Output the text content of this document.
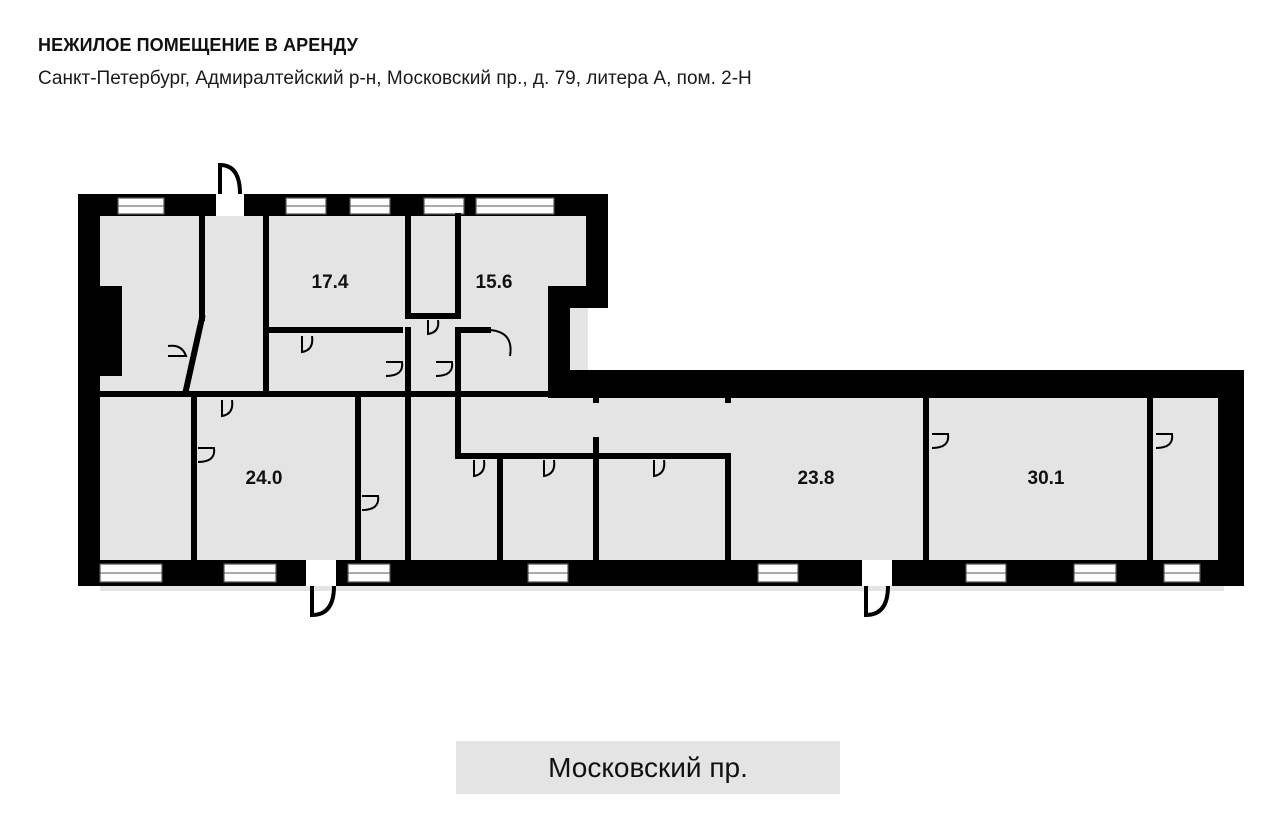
НЕЖИЛОЕ ПОМЕЩЕНИЕ В АРЕНДУ

Санкт-Петербург, Адмиралтейский р-н, Московский пр., д. 79, литера А, пом. 2-Н

17.4	15.6
24.0	23.8	30.1
Московский пр.
